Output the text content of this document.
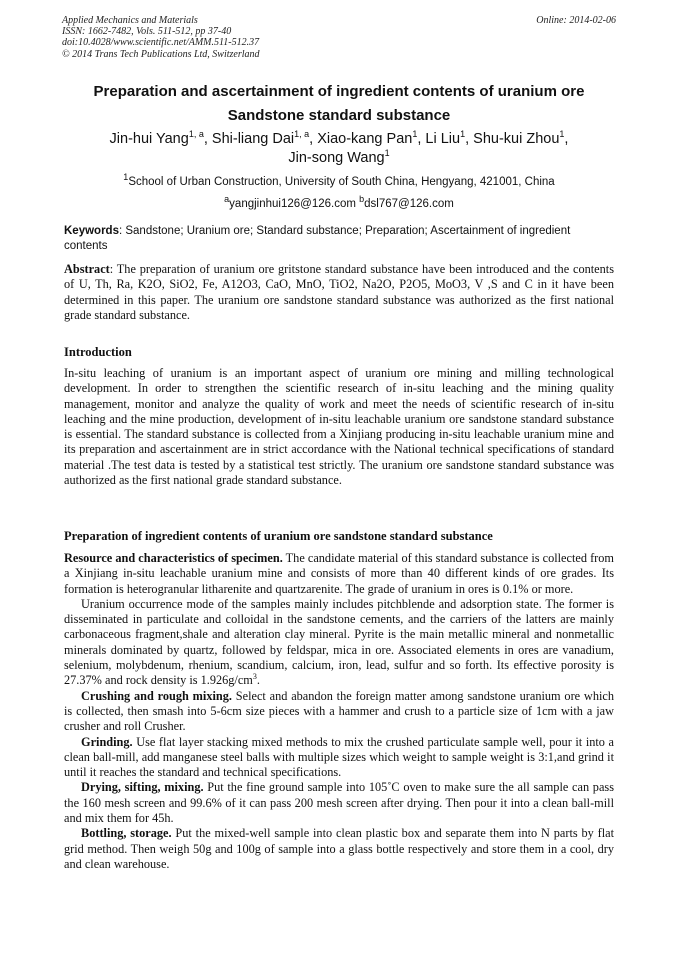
Applied Mechanics and Materials
ISSN: 1662-7482, Vols. 511-512, pp 37-40
doi:10.4028/www.scientific.net/AMM.511-512.37
© 2014 Trans Tech Publications Ltd, Switzerland
Online: 2014-02-06
Preparation and ascertainment of ingredient contents of uranium ore
Sandstone standard substance
Jin-hui Yang$^{1, a}$, Shi-liang Dai$^{1, a}$, Xiao-kang Pan$^1$, Li Liu$^1$, Shu-kui Zhou$^1$,
Jin-song Wang$^1$
$^1$School of Urban Construction, University of South China, Hengyang, 421001, China
$^a$yangjinhui126@126.com $^b$dsl767@126.com
Keywords: Sandstone; Uranium ore; Standard substance; Preparation; Ascertainment of ingredient contents

Abstract: The preparation of uranium ore gritstone standard substance have been introduced and the contents of U, Th, Ra, K2O, SiO2, Fe, A12O3, CaO, MnO, TiO2, Na2O, P2O5, MoO3, V ,S and C in it have been determined in this paper. The uranium ore sandstone standard substance was authorized as the first national grade standard substance.

Introduction

In-situ leaching of uranium is an important aspect of uranium ore mining and milling technological development. In order to strengthen the scientific research of in-situ leaching and the mining quality management, monitor and analyze the quality of work and meet the needs of scientific research of in-situ leaching and the mine production, development of in-situ leachable uranium ore sandstone standard substance is essential. The standard substance is collected from a Xinjiang producing in-situ leachable uranium mine and its preparation and ascertainment are in strict accordance with the National technical specifications of standard material .The test data is tested by a statistical test strictly. The uranium ore sandstone standard substance was authorized as the first national grade standard substance.

Preparation of ingredient contents of uranium ore sandstone standard substance

Resource and characteristics of specimen. The candidate material of this standard substance is collected from a Xinjiang in-situ leachable uranium mine and consists of more than 40 different kinds of ore grades. Its formation is heterogranular litharenite and quartzarenite. The grade of uranium in ores is 0.1% or more.

Uranium occurrence mode of the samples mainly includes pitchblende and adsorption state. The former is disseminated in particulate and colloidal in the sandstone cements, and the carriers of the latters are mainly carbonaceous fragment,shale and alteration clay mineral. Pyrite is the main metallic mineral and nonmetallic minerals dominated by quartz, followed by feldspar, mica in ore. Associated elements in ores are vanadium, selenium, molybdenum, rhenium, scandium, calcium, iron, lead, sulfur and so forth. Its effective porosity is 27.37% and rock density is $1.926g/cm^3$.

Crushing and rough mixing. Select and abandon the foreign matter among sandstone uranium ore which is collected, then smash into 5-6cm size pieces with a hammer and crush to a particle size of 1cm with a jaw crusher and roll Crusher.

Grinding. Use flat layer stacking mixed methods to mix the crushed particulate sample well, pour it into a clean ball-mill, add manganese steel balls with multiple sizes which weight to sample weight is 3:1,and grind it until it reaches the standard and technical specifications.

Drying, sifting, mixing. Put the fine ground sample into 105˚C oven to make sure the all sample can pass the 160 mesh screen and 99.6% of it can pass 200 mesh screen after drying. Then pour it into a clean ball-mill and mix them for 45h.

Bottling, storage. Put the mixed-well sample into clean plastic box and separate them into N parts by flat grid method. Then weigh 50g and 100g of sample into a glass bottle respectively and store them in a cool, dry and clean warehouse.
